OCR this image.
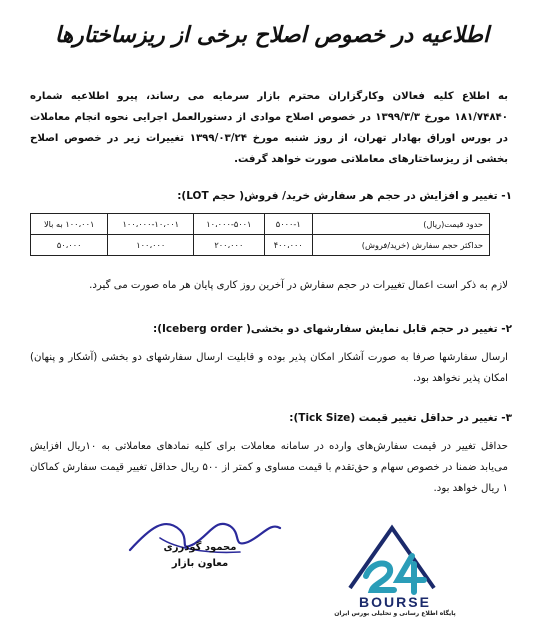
اطلاعیه در خصوص اصلاح برخی از ریزساختارها
به اطلاع کلیه فعالان وکارگزاران محترم بازار سرمایه می رساند، پیرو اطلاعیه شماره ۱۸۱/۷۴۸۴۰ مورخ ۱۳۹۹/۳/۳ در خصوص اصلاح موادی از دستورالعمل اجرایی نحوه انجام معاملات در بورس اوراق بهادار تهران، از روز شنبه مورخ ۱۳۹۹/۰۳/۲۴ تغییرات زیر در خصوص اصلاح بخشی از ریزساختارهای معاملاتی صورت خواهد گرفت.
۱- تغییر و افزایش در حجم هر سفارش خرید/ فروش( حجم LOT):
حدود قیمت(ریال)	۵۰۰۰-۱	۱۰،۰۰۰-۵۰۰۱	۱۰۰،۰۰۰-۱۰،۰۰۱	۱۰۰،۰۰۱ به بالا
حداکثر حجم سفارش (خرید/فروش)	۴۰۰،۰۰۰	۲۰۰،۰۰۰	۱۰۰،۰۰۰	۵۰،۰۰۰
لازم به ذکر است اعمال تغییرات در حجم سفارش در آخرین روز کاری پایان هر ماه صورت می گیرد.
۲- تغییر در حجم قابل نمایش سفارشهای دو بخشی( Iceberg order):
ارسال سفارشها صرفا به صورت آشکار امکان پذیر بوده و قابلیت ارسال سفارشهای دو بخشی (آشکار و پنهان) امکان پذیر نخواهد بود.
۳- تغییر در حداقل تغییر قیمت (Tick Size):
حداقل تغییر در قیمت سفارش‌های وارده در سامانه معاملات برای کلیه نمادهای معاملاتی به ۱۰ریال افزایش می‌یابد ضمنا در خصوص سهام و حق‌تقدم با قیمت مساوی و کمتر از ۵۰۰ ریال حداقل تغییر قیمت سفارش کماکان ۱ ریال خواهد بود.
محمود گودرزی
معاون بازار
BOURSE
پایگاه اطلاع رسانی و تحلیلی بورس ایران
